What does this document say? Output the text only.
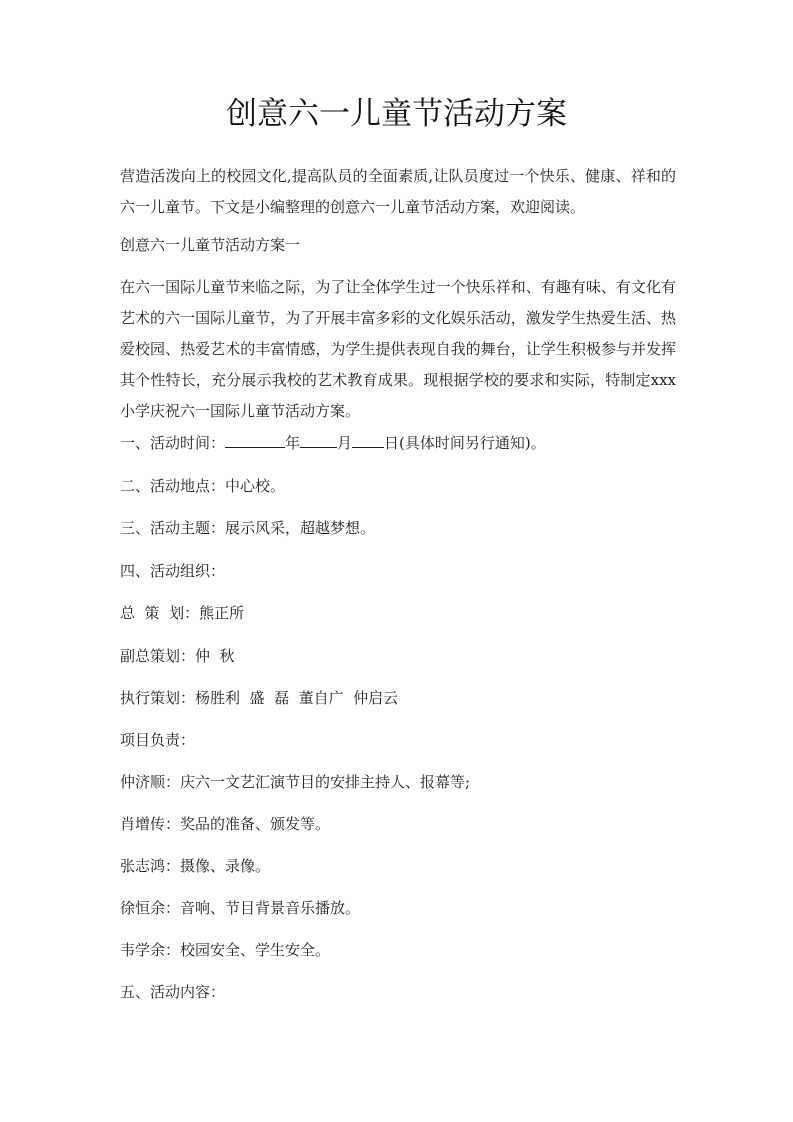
创意六一儿童节活动方案
营造活泼向上的校园文化,提高队员的全面素质,让队员度过一个快乐、健康、祥和的六一儿童节。下文是小编整理的创意六一儿童节活动方案，欢迎阅读。
创意六一儿童节活动方案一
在六一国际儿童节来临之际，为了让全体学生过一个快乐祥和、有趣有味、有文化有艺术的六一国际儿童节，为了开展丰富多彩的文化娱乐活动，激发学生热爱生活、热爱校园、热爱艺术的丰富情感，为学生提供表现自我的舞台，让学生积极参与并发挥其个性特长，充分展示我校的艺术教育成果。现根据学校的要求和实际，特制定xxx小学庆祝六一国际儿童节活动方案。
一、活动时间：	年 月 日(具体时间另行通知)。
二、活动地点：中心校。
三、活动主题：展示风采，超越梦想。
四、活动组织：
总  策  划：熊正所
副总策划：仲  秋
执行策划：杨胜利  盛  磊  董自广  仲启云
项目负责：
仲济顺：庆六一文艺汇演节目的安排主持人、报幕等;
肖增传：奖品的准备、颁发等。
张志鸿：摄像、录像。
徐恒余：音响、节目背景音乐播放。
韦学余：校园安全、学生安全。
五、活动内容：
